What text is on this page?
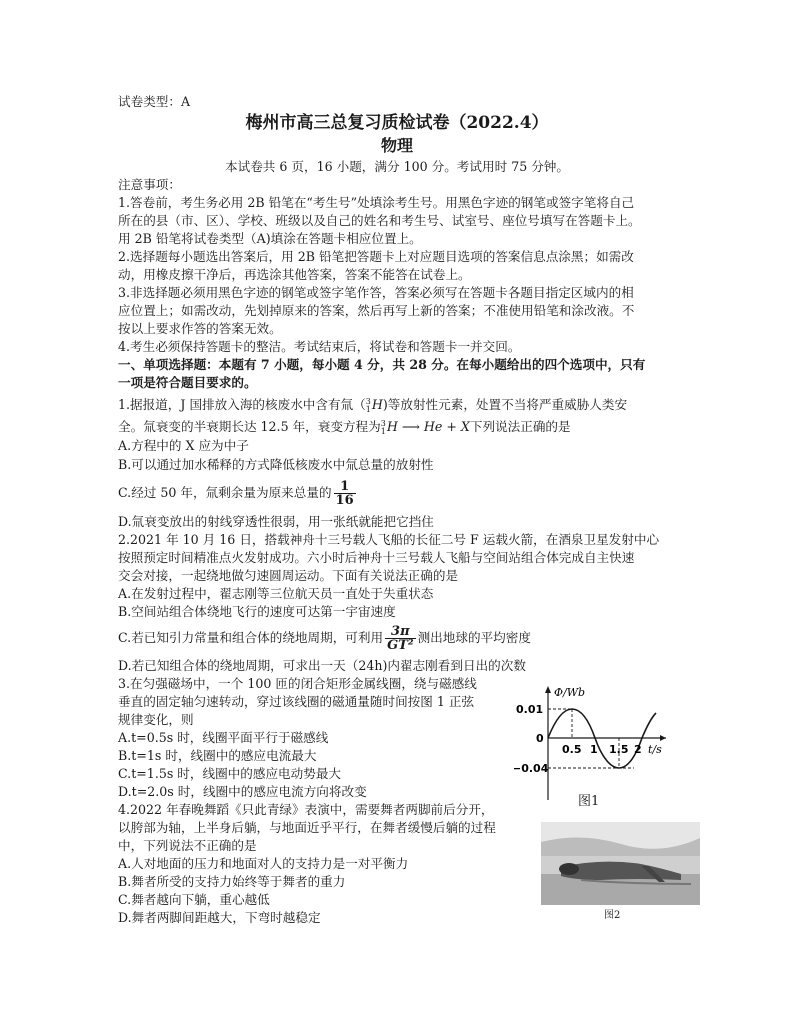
试卷类型：A
梅州市高三总复习质检试卷（2022.4）
物理
本试卷共 6 页，16 小题，满分 100 分。考试用时 75 分钟。
注意事项：
1.答卷前，考生务必用 2B 铅笔在“考生号”处填涂考生号。用黑色字迹的钢笔或签字笔将自己
所在的县（市、区）、学校、班级以及自己的姓名和考生号、试室号、座位号填写在答题卡上。
用 2B 铅笔将试卷类型（A)填涂在答题卡相应位置上。
2.选择题每小题选出答案后，用 2B 铅笔把答题卡上对应题目选项的答案信息点涂黑；如需改
动，用橡皮擦干净后，再选涂其他答案，答案不能答在试卷上。
3.非选择题必须用黑色字迹的钢笔或签字笔作答，答案必须写在答题卡各题目指定区域内的相
应位置上；如需改动，先划掉原来的答案，然后再写上新的答案；不准使用铅笔和涂改液。不
按以上要求作答的答案无效。
4.考生必须保持答题卡的整洁。考试结束后，将试卷和答题卡一并交回。
一、单项选择题：本题有 7 小题，每小题 4 分，共 28 分。在每小题给出的四个选项中，只有
一项是符合题目要求的。
1.据报道，J 国排放入海的核废水中含有氚（ 3
1 H)等放射性元素，处置不当将严重威胁人类安
全。氚衰变的半衰期长达 12.5 年，衰变方程为 3
1 H ⟶ He + X下列说法正确的是
A.方程中的 X 应为中子
B.可以通过加水稀释的方式降低核废水中氚总量的放射性
C.经过 50 年，氚剩余量为原来总量的 $\frac{1}{16}$
D.氚衰变放出的射线穿透性很弱，用一张纸就能把它挡住
2.2021 年 10 月 16 日，搭载神舟十三号载人飞船的长征二号 F 运载火箭，在酒泉卫星发射中心
按照预定时间精准点火发射成功。六小时后神舟十三号载人飞船与空间站组合体完成自主快速
交会对接，一起绕地做匀速圆周运动。下面有关说法正确的是
A.在发射过程中，翟志刚等三位航天员一直处于失重状态
B.空间站组合体绕地飞行的速度可达第一宇宙速度
C.若已知引力常量和组合体的绕地周期，可利用 $\frac{3\pi}{\text{GT²}}$ 测出地球的平均密度
D.若已知组合体的绕地周期，可求出一天（24h)内翟志刚看到日出的次数
3.在匀强磁场中，一个 100 匝的闭合矩形金属线圈，绕与磁感线
垂直的固定轴匀速转动，穿过该线圈的磁通量随时间按图 1 正弦
规律变化，则
A.t=0.5s 时，线圈平面平行于磁感线
B.t=1s 时，线圈中的感应电流最大
C.t=1.5s 时，线圈中的感应电动势最大
D.t=2.0s 时，线圈中的感应电流方向将改变
Φ/Wb
0.01
0
−0.04
0.5 1 1.5 2 t/s
图1
4.2022 年春晚舞蹈《只此青绿》表演中，需要舞者两脚前后分开，
以胯部为轴，上半身后躺，与地面近乎平行，在舞者缓慢后躺的过程
中，下列说法不正确的是
A.人对地面的压力和地面对人的支持力是一对平衡力
B.舞者所受的支持力始终等于舞者的重力
C.舞者越向下躺，重心越低
D.舞者两脚间距越大，下弯时越稳定	图2
